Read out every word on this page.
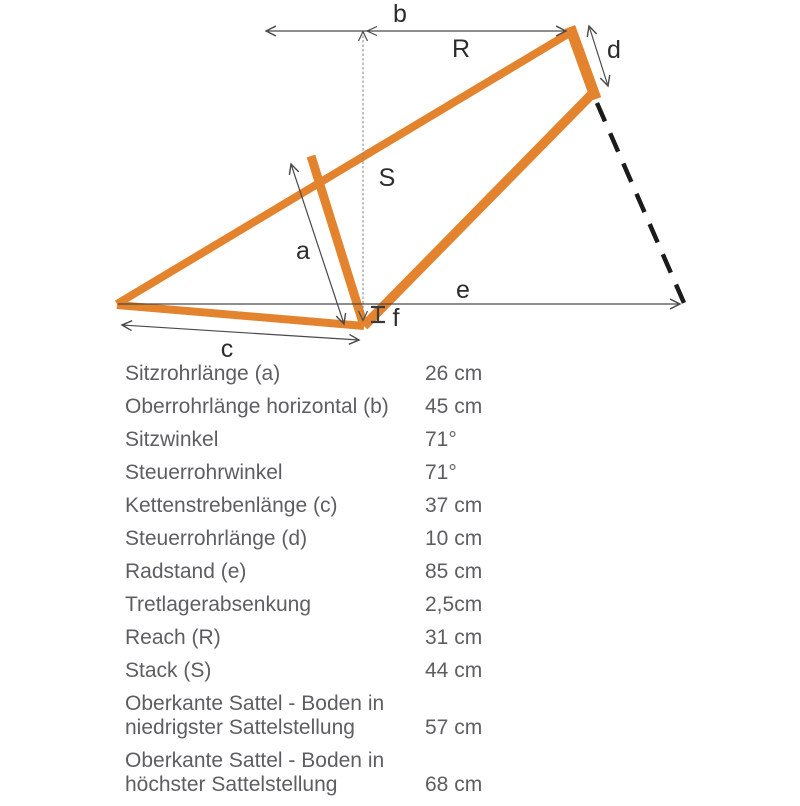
b
R	d
S
a
e
f
c
Sitzrohrlänge (a)	26 cm
Oberrohrlänge horizontal (b)	45 cm
Sitzwinkel	71°
Steuerrohrwinkel	71°
Kettenstrebenlänge (c)	37 cm
Steuerrohrlänge (d)	10 cm
Radstand (e)	85 cm
Tretlagerabsenkung	2,5cm
Reach (R)	31 cm
Stack (S)	44 cm
Oberkante Sattel - Boden in niedrigster Sattelstellung	57 cm
Oberkante Sattel - Boden in höchster Sattelstellung	68 cm
